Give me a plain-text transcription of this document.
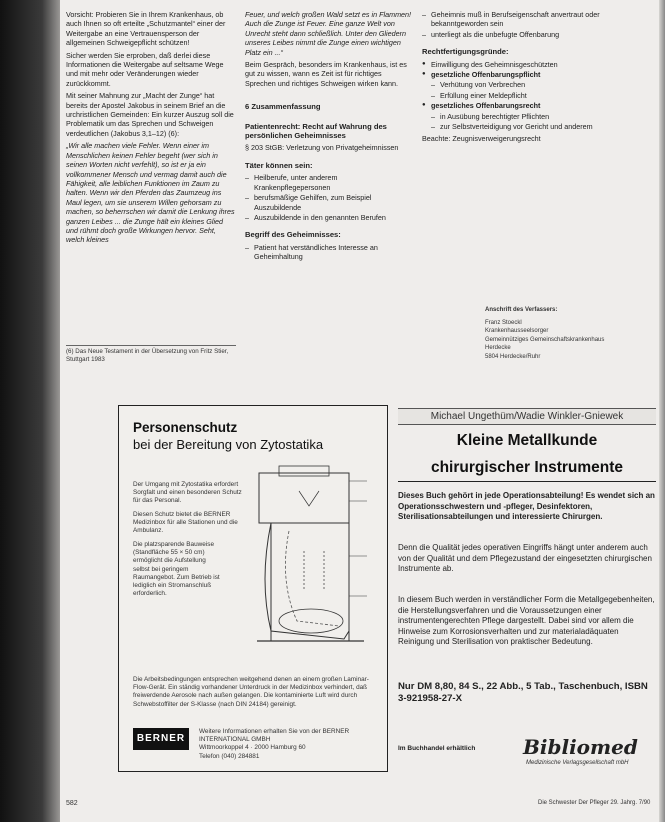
Vorsicht: Probieren Sie in Ihrem Krankenhaus, ob auch Ihnen so oft erteilte „Schutzmantel“ einer der Weitergabe an eine Vertrauensperson der allgemeinen Schweigepflicht schützen!

Sicher werden Sie erproben, daß derlei diese Informationen die Weitergabe auf seltsame Wege und mit mehr oder Veränderungen wieder zurückkommt.

Mit seiner Mahnung zur „Macht der Zunge“ hat bereits der Apostel Jakobus in seinem Brief an die urchristlichen Gemeinden: Ein kurzer Auszug soll die Problematik um das Sprechen und Schweigen verdeutlichen (Jakobus 3,1–12) (6):

„Wir alle machen viele Fehler. Wenn einer im Menschlichen keinen Fehler begeht (wer sich in seinen Worten nicht verfehlt), so ist er ja ein vollkommener Mensch und vermag damit auch die Fähigkeit, alle leiblichen Funktionen im Zaum zu halten. Wenn wir den Pferden das Zaumzeug ins Maul legen, um sie unserem Willen gehorsam zu machen, so beherrschen wir damit die Lenkung ihres ganzen Leibes ... die Zunge hält ein kleines Glied und rühmt doch große Wirkungen hervor. Seht, welch kleines

(6) Das Neue Testament in der Übersetzung von Fritz Stier, Stuttgart 1983

Feuer, und welch großen Wald setzt es in Flammen! Auch die Zunge ist Feuer. Eine ganze Welt von Unrecht steht dann schließlich. Unter den Gliedern unseres Leibes nimmt die Zunge einen wichtigen Platz ein ...“

Beim Gespräch, besonders im Krankenhaus, ist es gut zu wissen, wann es Zeit ist für richtiges Sprechen und richtiges Schweigen wirken kann.

6 Zusammenfassung
Patientenrecht: Recht auf Wahrung des persönlichen Geheimnisses

§ 203 StGB: Verletzung von Privatgeheimnissen

Täter können sein:
– Heilberufe, unter anderem Krankenpflegepersonen
– berufsmäßige Gehilfen, zum Beispiel Auszubildende
– Auszubildende in den genannten Berufen
Begriff des Geheimnisses:
– Patient hat verständliches Interesse an Geheimhaltung
– Geheimnis muß in Berufseigenschaft anvertraut oder bekanntgeworden sein
– unterliegt als die unbefugte Offenbarung
Rechtfertigungsgründe:
● Einwilligung des Geheimnisgeschützten
● gesetzliche Offenbarungspflicht
– Verhütung von Verbrechen
– Erfüllung einer Meldepflicht
● gesetzliches Offenbarungsrecht
– in Ausübung berechtigter Pflichten
– zur Selbstverteidigung vor Gericht und anderem

Beachte: Zeugnisverweigerungsrecht

Anschrift des Verfassers:
Franz Stoeckl
Krankenhausseelsorger
Gemeinnütziges Gemeinschaftskrankenhaus
Herdecke
5804 Herdecke/Ruhr
Personenschutz
bei der Bereitung von Zytostatika
Der Umgang mit Zytostatika erfordert Sorgfalt und einen besonderen Schutz für das Personal.
Diesen Schutz bietet die BERNER Medizinbox für alle Stationen und die Ambulanz.
Die platzsparende Bauweise (Standfläche 55 × 50 cm) ermöglicht die Aufstellung selbst bei geringem Raumangebot. Zum Betrieb ist lediglich ein Stromanschluß erforderlich.
Die Arbeitsbedingungen entsprechen weitgehend denen an einem großen Laminar-Flow-Gerät. Ein ständig vorhandener Unterdruck in der Medizinbox verhindert, daß freiwerdende Aerosole nach außen gelangen. Die kontaminierte Luft wird durch Schwebstoffilter der S-Klasse (nach DIN 24184) gereinigt.
BERNER
Weitere Informationen erhalten Sie von der BERNER INTERNATIONAL GMBH
Wittmoorkoppel 4 · 2000 Hamburg 60
Telefon (040) 284881
Michael Ungethüm/Wadie Winkler-Gniewek
Kleine Metallkunde
chirurgischer Instrumente
Dieses Buch gehört in jede Operationsabteilung! Es wendet sich an Operationsschwestern und -pfleger, Desinfektoren, Sterilisationsabteilungen und interessierte Chirurgen.
Denn die Qualität jedes operativen Eingriffs hängt unter anderem auch von der Qualität und dem Pflegezustand der eingesetzten chirurgischen Instrumente ab.
In diesem Buch werden in verständlicher Form die Metallgegebenheiten, die Herstellungsverfahren und die Voraussetzungen einer instrumentengerechten Pflege dargestellt. Dabei sind vor allem die Hinweise zum Korrosionsverhalten und zur materialadäquaten Reinigung und Sterilisation von praktischer Bedeutung.
Nur DM 8,80, 84 S., 22 Abb., 5 Tab., Taschenbuch, ISBN 3-921958-27-X
Im Buchhandel erhältlich Bibliomed
Medizinische Verlagsgesellschaft mbH
582	Die Schwester Der Pfleger 29. Jahrg. 7/90
